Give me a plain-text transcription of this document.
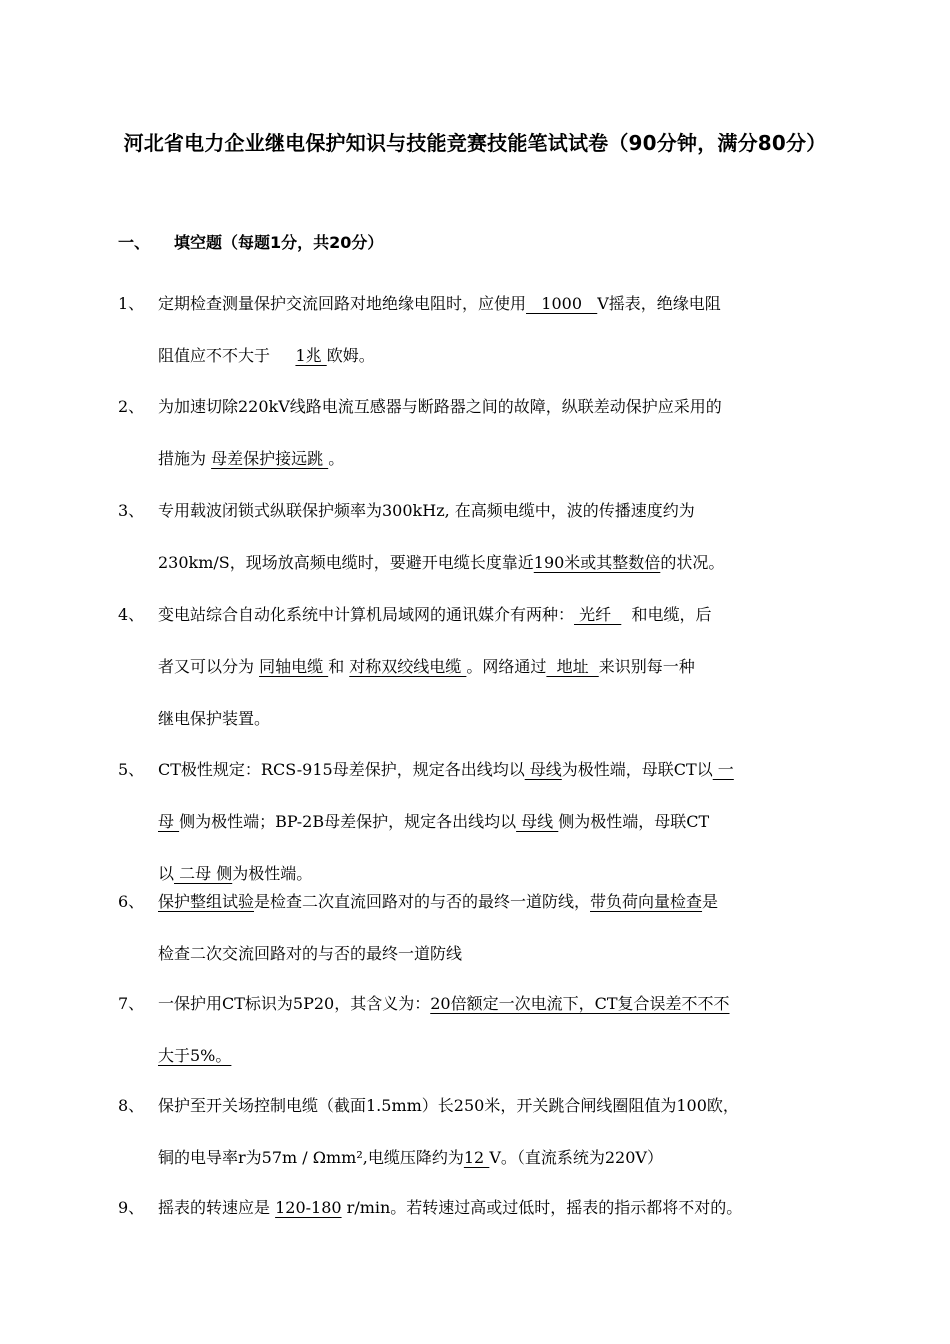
河北省电力企业继电保护知识与技能竞赛技能笔试试卷（90分钟，满分80分）
一、 填空题（每题1分，共20分）
1、 定期检查测量保护交流回路对地绝缘电阻时，应使用   1000   V摇表，绝缘电阻
阻值应不不大于     1兆 欧姆。
2、 为加速切除220kV线路电流互感器与断路器之间的故障，纵联差动保护应采用的
措施为 母差保护接远跳 。
3、 专用载波闭锁式纵联保护频率为300kHz, 在高频电缆中，波的传播速度约为
230km/S，现场放高频电缆时，要避开电缆长度靠近190米或其整数倍的状况。
4、 变电站综合自动化系统中计算机局域网的通讯媒介有两种： 光纤    和电缆，后
者又可以分为 同轴电缆 和 对称双绞线电缆 。网络通过  地址  来识别每一种
继电保护装置。
5、 CT极性规定：RCS-915母差保护，规定各出线均以 母线为极性端，母联CT以 一
母 侧为极性端；BP-2B母差保护，规定各出线均以 母线 侧为极性端，母联CT
以 二母 侧为极性端。
6、 保护整组试验是检查二次直流回路对的与否的最终一道防线，带负荷向量检查是
检查二次交流回路对的与否的最终一道防线
7、 一保护用CT标识为5P20，其含义为：20倍额定一次电流下，CT复合误差不不不
大于5%。
8、 保护至开关场控制电缆（截面1.5mm）长250米，开关跳合闸线圈阻值为100欧，
铜的电导率r为57m / Ωmm²,电缆压降约为12 V。（直流系统为220V）
9、 摇表的转速应是 120-180 r/min。若转速过高或过低时，摇表的指示都将不对的。
